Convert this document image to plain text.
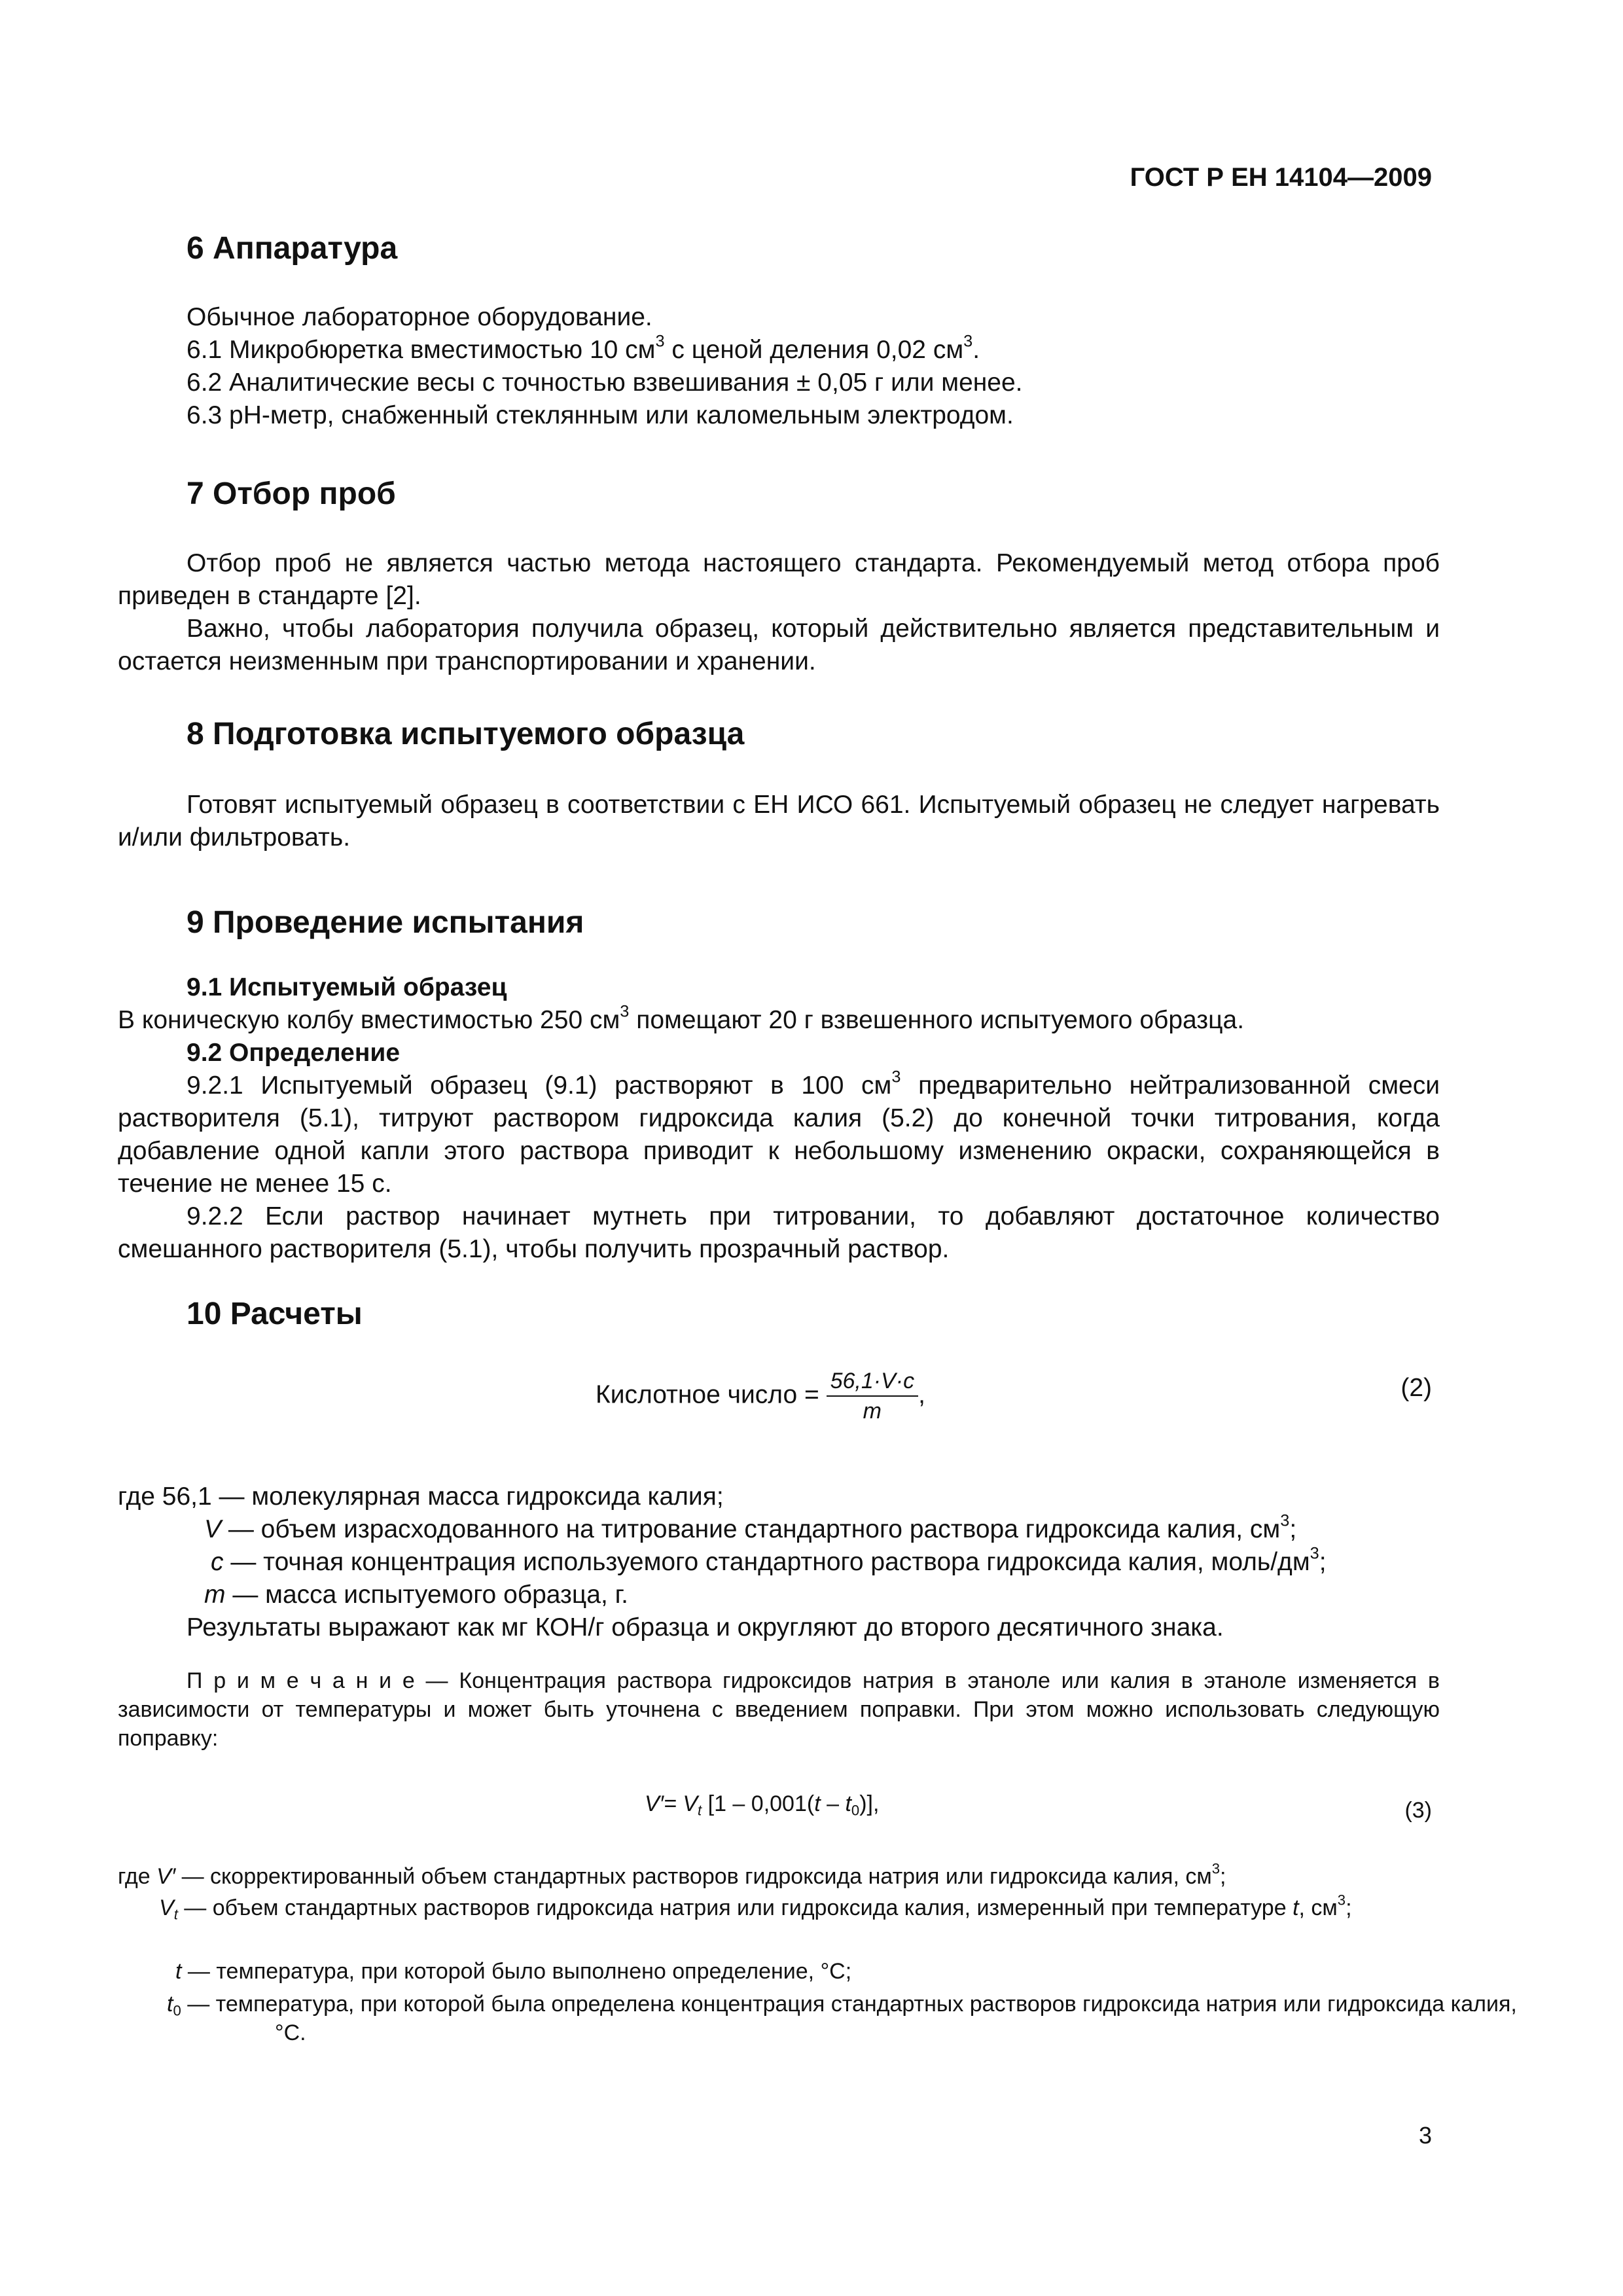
ГОСТ Р ЕН 14104—2009
6 Аппаратура
Обычное лабораторное оборудование.
6.1 Микробюретка вместимостью 10 $см^3$ с ценой деления 0,02 $см^3$.
6.2 Аналитические весы с точностью взвешивания ± 0,05 г или менее.
6.3 pH-метр, снабженный стеклянным или каломельным электродом.
7 Отбор проб
Отбор проб не является частью метода настоящего стандарта. Рекомендуемый метод отбора проб приведен в стандарте [2].
Важно, чтобы лаборатория получила образец, который действительно является представительным и остается неизменным при транспортировании и хранении.
8 Подготовка испытуемого образца
Готовят испытуемый образец в соответствии с ЕН ИСО 661. Испытуемый образец не следует нагревать и/или фильтровать.
9 Проведение испытания
9.1 Испытуемый образец
В коническую колбу вместимостью 250 $см^3$ помещают 20 г взвешенного испытуемого образца.
9.2 Определение
9.2.1 Испытуемый образец (9.1) растворяют в 100 $см^3$ предварительно нейтрализованной смеси растворителя (5.1), титруют раствором гидроксида калия (5.2) до конечной точки титрования, когда добавление одной капли этого раствора приводит к небольшому изменению окраски, сохраняющейся в течение не менее 15 с.
9.2.2 Если раствор начинает мутнеть при титровании, то добавляют достаточное количество смешанного растворителя (5.1), чтобы получить прозрачный раствор.
10 Расчеты
Кислотное число = $\frac{56,1\cdot V\cdot c}{m}$ ,	(2)
где 56,1 — молекулярная масса гидроксида калия;
V — объем израсходованного на титрование стандартного раствора гидроксида калия, $см^3$;
c — точная концентрация используемого стандартного раствора гидроксида калия, моль/$дм^3$;
m — масса испытуемого образца, г.
Результаты выражают как мг КОН/г образца и округляют до второго десятичного знака.
П р и м е ч а н и е — Концентрация раствора гидроксидов натрия в этаноле или калия в этаноле изменяется в зависимости от температуры и может быть уточнена с введением поправки. При этом можно использовать следующую поправку:
$V'= V_t$ $[1 - 0,001(t - t_0)]$,	(3)
где V′ — скорректированный объем стандартных растворов гидроксида натрия или гидроксида калия, $см^3$;
$V_t$ — объем стандартных растворов гидроксида натрия или гидроксида калия, измеренный при температуре t, $см^3$;
t — температура, при которой было выполнено определение, °С;
$t_0$ — температура, при которой была определена концентрация стандартных растворов гидроксида натрия или гидроксида калия, °С.
3
